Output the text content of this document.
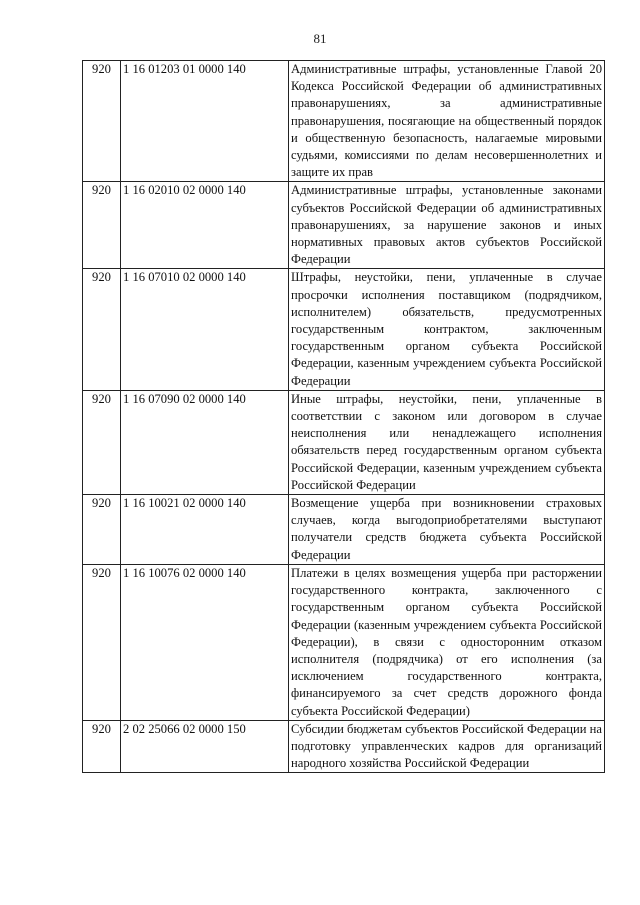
81
920	1 16 01203 01 0000 140	Административные штрафы, установленные Главой 20 Кодекса Российской Федерации об административных правонарушениях, за административные правонарушения, посягающие на общественный порядок и общественную безопасность, налагаемые мировыми судьями, комиссиями по делам несовершеннолетних и защите их прав
920	1 16 02010 02 0000 140	Административные штрафы, установленные законами субъектов Российской Федерации об административных правонарушениях, за нарушение законов и иных нормативных правовых актов субъектов Российской Федерации
920	1 16 07010 02 0000 140	Штрафы, неустойки, пени, уплаченные в случае просрочки исполнения поставщиком (подрядчиком, исполнителем) обязательств, предусмотренных государственным контрактом, заключенным государственным органом субъекта Российской Федерации, казенным учреждением субъекта Российской Федерации
920	1 16 07090 02 0000 140	Иные штрафы, неустойки, пени, уплаченные в соответствии с законом или договором в случае неисполнения или ненадлежащего исполнения обязательств перед государственным органом субъекта Российской Федерации, казенным учреждением субъекта Российской Федерации
920	1 16 10021 02 0000 140	Возмещение ущерба при возникновении страховых случаев, когда выгодоприобретателями выступают получатели средств бюджета субъекта Российской Федерации
920	1 16 10076 02 0000 140	Платежи в целях возмещения ущерба при расторжении государственного контракта, заключенного с государственным органом субъекта Российской Федерации (казенным учреждением субъекта Российской Федерации), в связи с односторонним отказом исполнителя (подрядчика) от его исполнения (за исключением государственного контракта, финансируемого за счет средств дорожного фонда субъекта Российской Федерации)
920	2 02 25066 02 0000 150	Субсидии бюджетам субъектов Российской Федерации на подготовку управленческих кадров для организаций народного хозяйства Российской Федерации
